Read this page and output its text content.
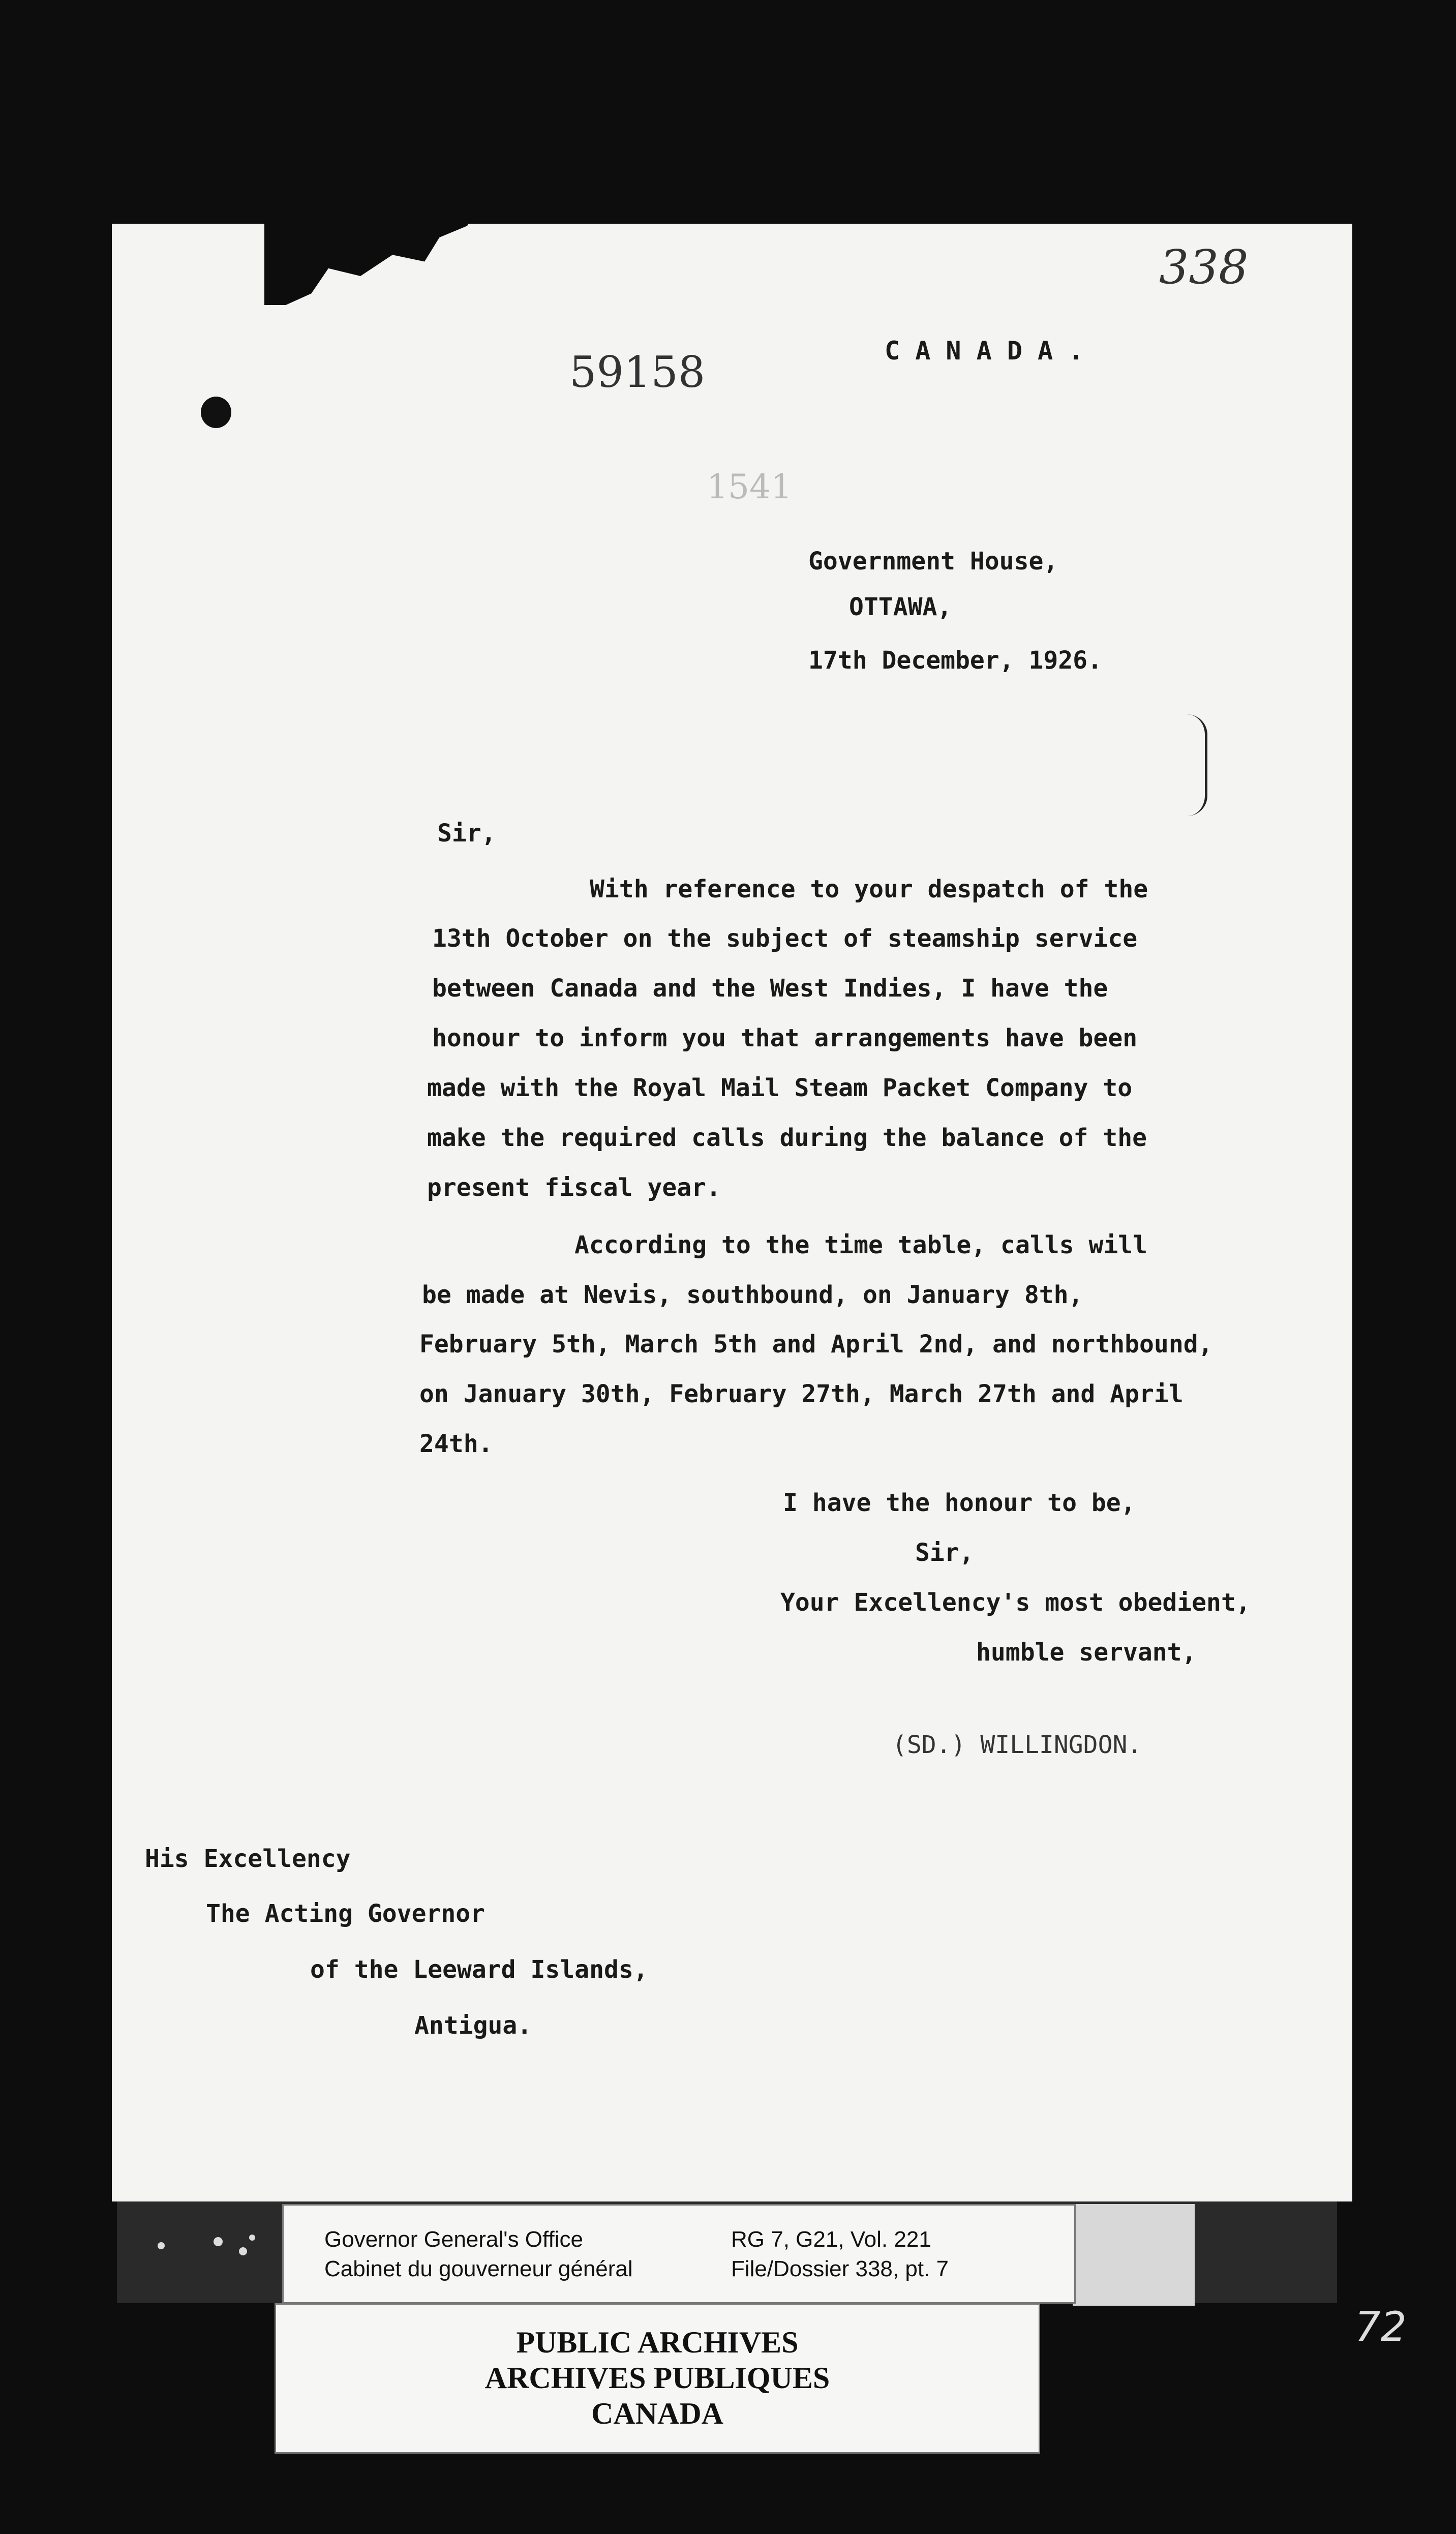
338
59158
1541
C A N A D A .
Government House,
OTTAWA,
17th December, 1926.
Sir,
With reference to your despatch of the
13th October on the subject of steamship service
between Canada and the West Indies, I have the
honour to inform you that arrangements have been
made with the Royal Mail Steam Packet Company to
make the required calls during the balance of the
present fiscal year.
According to the time table, calls will
be made at Nevis, southbound, on January 8th,
February 5th, March 5th and April 2nd, and northbound,
on January 30th, February 27th, March 27th and April
24th.
I have the honour to be,
Sir,
Your Excellency's most obedient,
humble servant,
(SD.) WILLINGDON.
His Excellency
The Acting Governor
of the Leeward Islands,
Antigua.
Governor General's Office
Cabinet du gouverneur général
RG 7, G21, Vol. 221
File/Dossier 338, pt. 7
PUBLIC ARCHIVES
ARCHIVES PUBLIQUES
CANADA
72
